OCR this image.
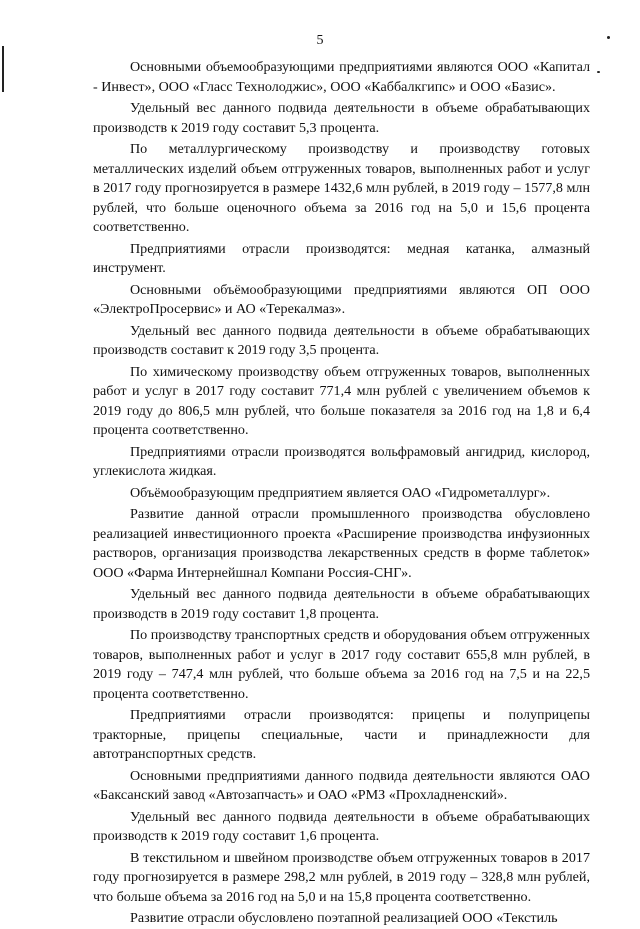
5

Основными объемообразующими предприятиями являются ООО «Капитал - Инвест», ООО «Гласс Технолоджис», ООО «Каббалкгипс» и ООО «Базис».

Удельный вес данного подвида деятельности в объеме обрабатывающих производств к 2019 году составит 5,3 процента.

По металлургическому производству и производству готовых металлических изделий объем отгруженных товаров, выполненных работ и услуг в 2017 году прогнозируется в размере 1432,6 млн рублей, в 2019 году – 1577,8 млн рублей, что больше оценочного объема за 2016 год на 5,0 и 15,6 процента соответственно.

Предприятиями отрасли производятся: медная катанка, алмазный инструмент.

Основными объёмообразующими предприятиями являются ОП ООО «ЭлектроПросервис» и АО «Терекалмаз».

Удельный вес данного подвида деятельности в объеме обрабатывающих производств составит к 2019 году 3,5 процента.

По химическому производству объем отгруженных товаров, выполненных работ и услуг в 2017 году составит 771,4 млн рублей с увеличением объемов к 2019 году до 806,5 млн рублей, что больше показателя за 2016 год на 1,8 и 6,4 процента соответственно.

Предприятиями отрасли производятся вольфрамовый ангидрид, кислород, углекислота жидкая.

Объёмообразующим предприятием является ОАО «Гидрометаллург».

Развитие данной отрасли промышленного производства обусловлено реализацией инвестиционного проекта «Расширение производства инфузионных растворов, организация производства лекарственных средств в форме таблеток» ООО «Фарма Интернейшнал Компани Россия-СНГ».

Удельный вес данного подвида деятельности в объеме обрабатывающих производств в 2019 году составит 1,8 процента.

По производству транспортных средств и оборудования объем отгруженных товаров, выполненных работ и услуг в 2017 году составит 655,8 млн рублей, в 2019 году – 747,4 млн рублей, что больше объема за 2016 год на 7,5 и на 22,5 процента соответственно.

Предприятиями отрасли производятся: прицепы и полуприцепы тракторные, прицепы специальные, части и принадлежности для автотранспортных средств.

Основными предприятиями данного подвида деятельности являются ОАО «Баксанский завод «Автозапчасть» и ОАО «РМЗ «Прохладненский».

Удельный вес данного подвида деятельности в объеме обрабатывающих производств к 2019 году составит 1,6 процента.

В текстильном и швейном производстве объем отгруженных товаров в 2017 году прогнозируется в размере 298,2 млн рублей, в 2019 году – 328,8 млн рублей, что больше объема за 2016 год на 5,0 и на 15,8 процента соответственно.

Развитие отрасли обусловлено поэтапной реализацией ООО «Текстиль
